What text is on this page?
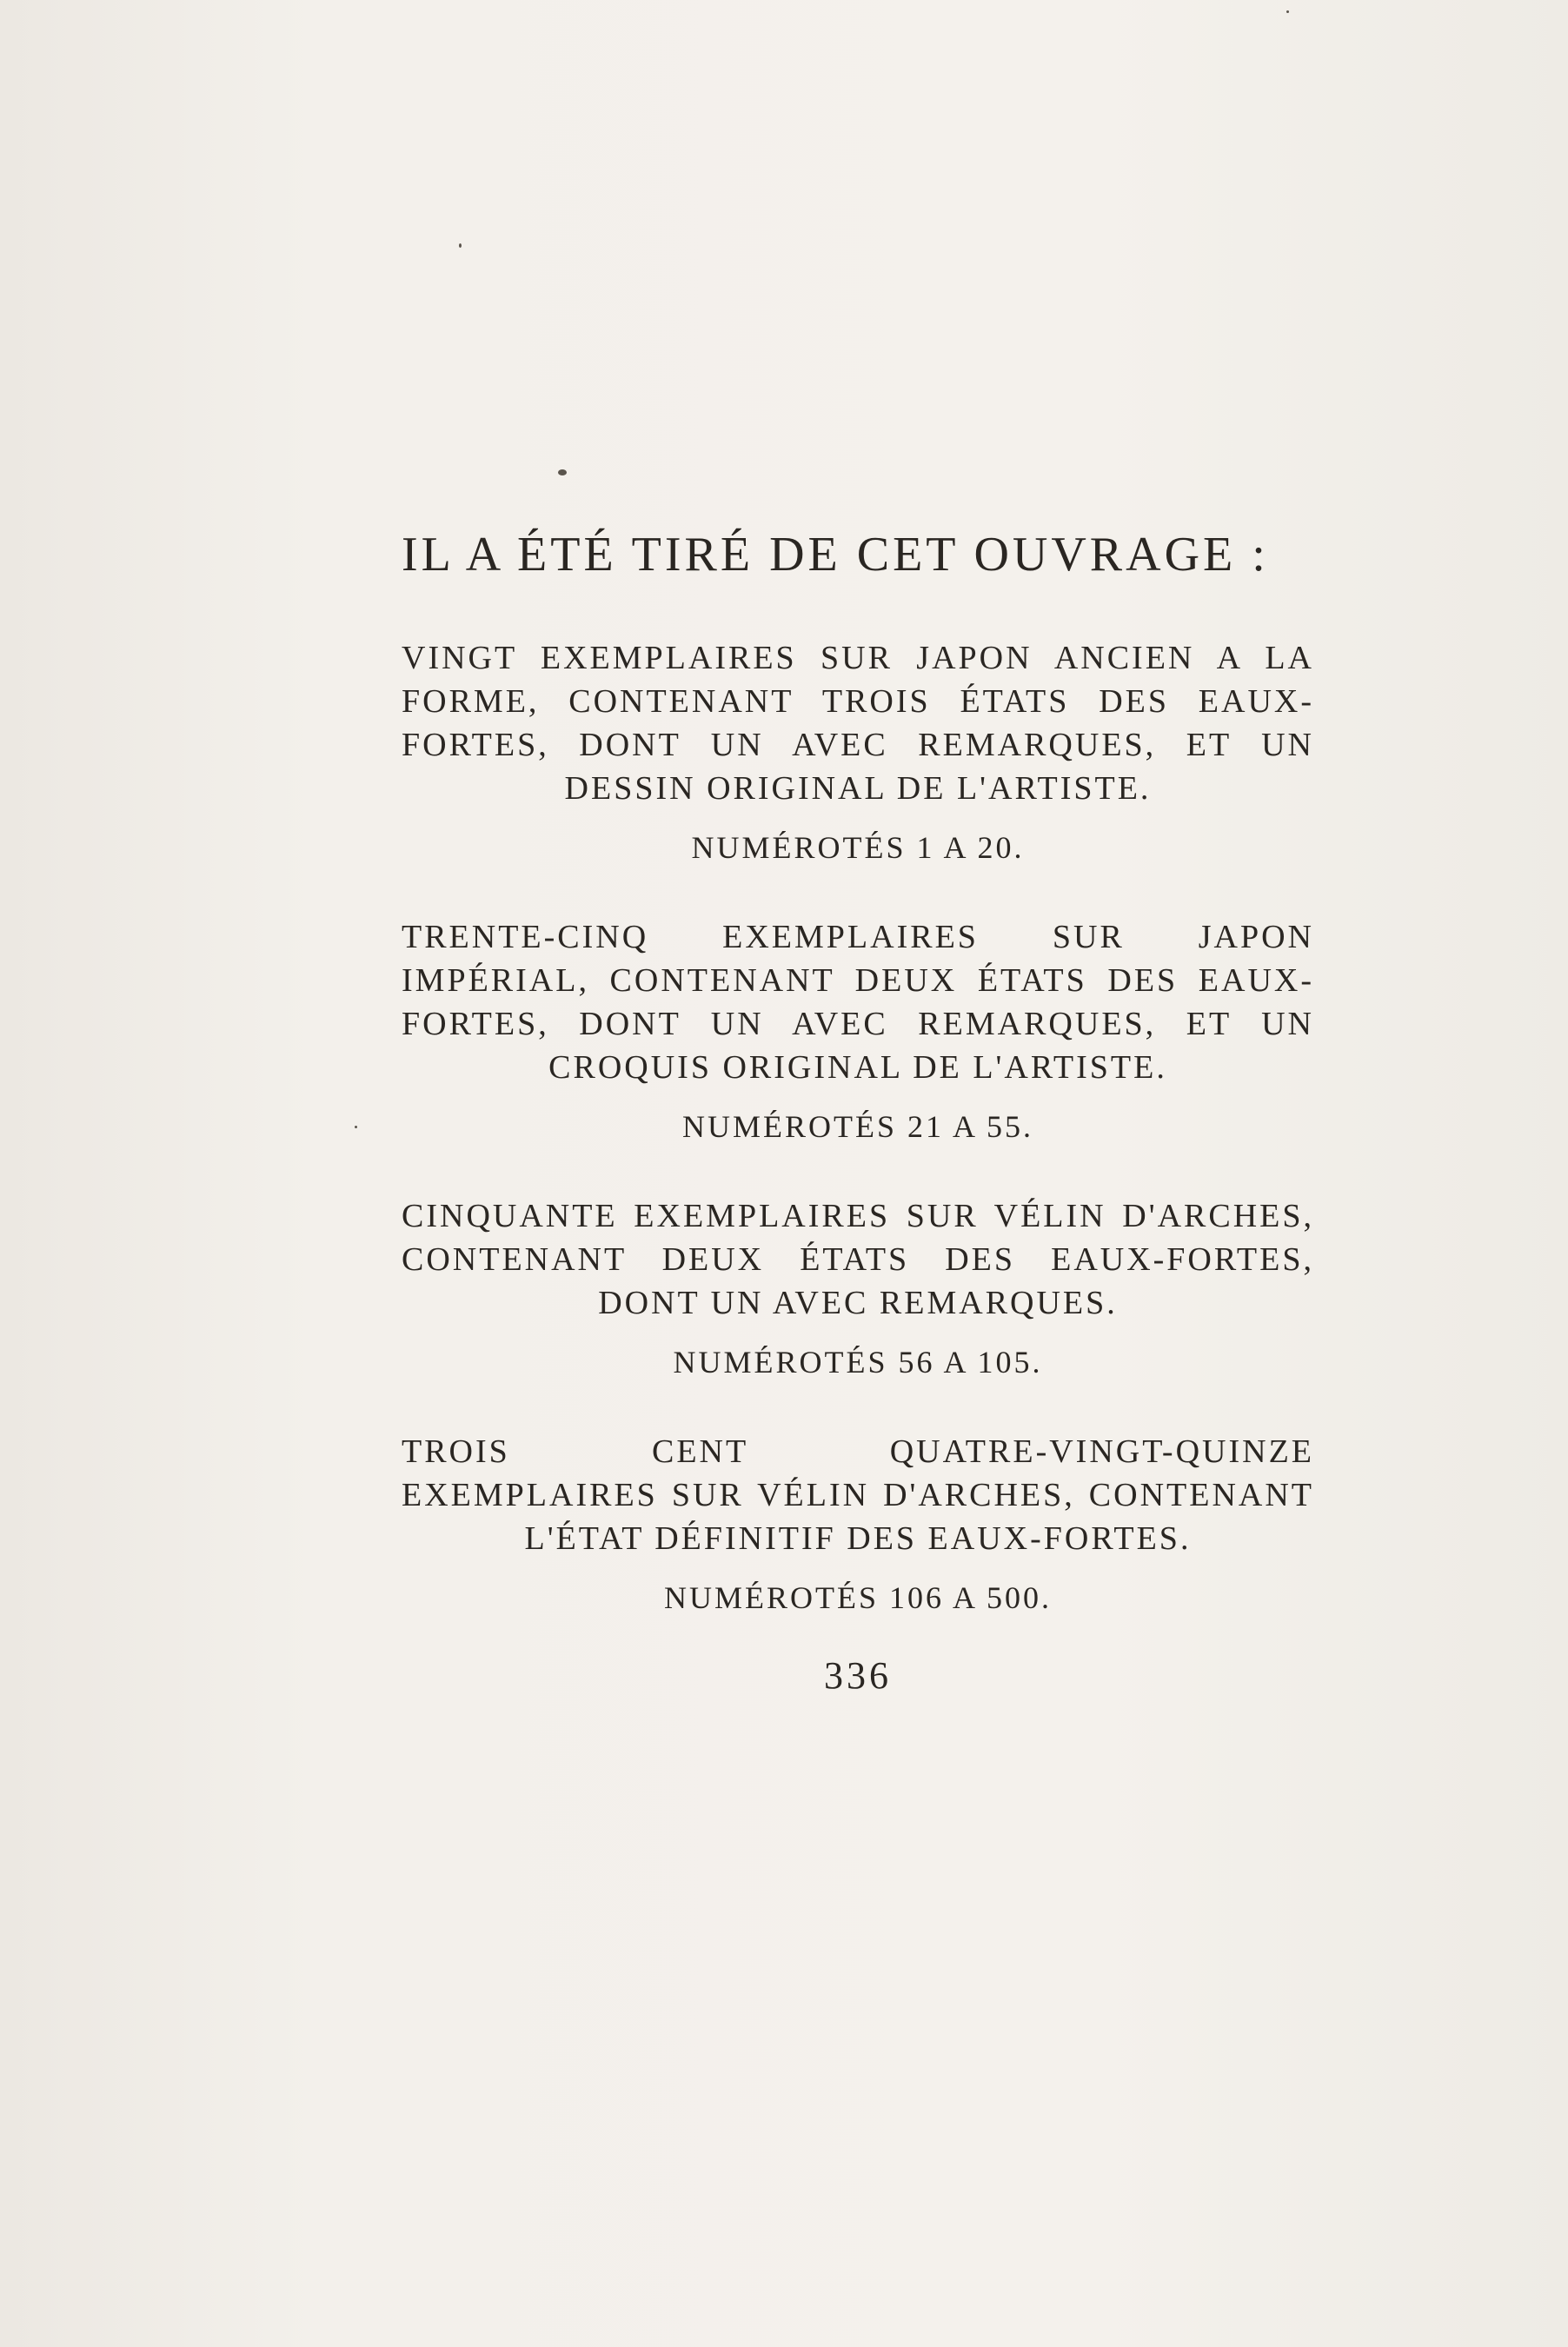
IL A ÉTÉ TIRÉ DE CET OUVRAGE :

VINGT EXEMPLAIRES SUR JAPON ANCIEN A LA FORME, CONTENANT TROIS ÉTATS DES EAUX-FORTES, DONT UN AVEC REMARQUES, ET UN DESSIN ORIGINAL DE L'ARTISTE.

NUMÉROTÉS 1 A 20.

TRENTE-CINQ EXEMPLAIRES SUR JAPON IMPÉRIAL, CONTENANT DEUX ÉTATS DES EAUX-FORTES, DONT UN AVEC REMARQUES, ET UN CROQUIS ORIGINAL DE L'ARTISTE.

NUMÉROTÉS 21 A 55.

CINQUANTE EXEMPLAIRES SUR VÉLIN D'ARCHES, CONTENANT DEUX ÉTATS DES EAUX-FORTES, DONT UN AVEC REMARQUES.

NUMÉROTÉS 56 A 105.

TROIS CENT QUATRE-VINGT-QUINZE EXEMPLAIRES SUR VÉLIN D'ARCHES, CONTENANT L'ÉTAT DÉFINITIF DES EAUX-FORTES.

NUMÉROTÉS 106 A 500.

336
